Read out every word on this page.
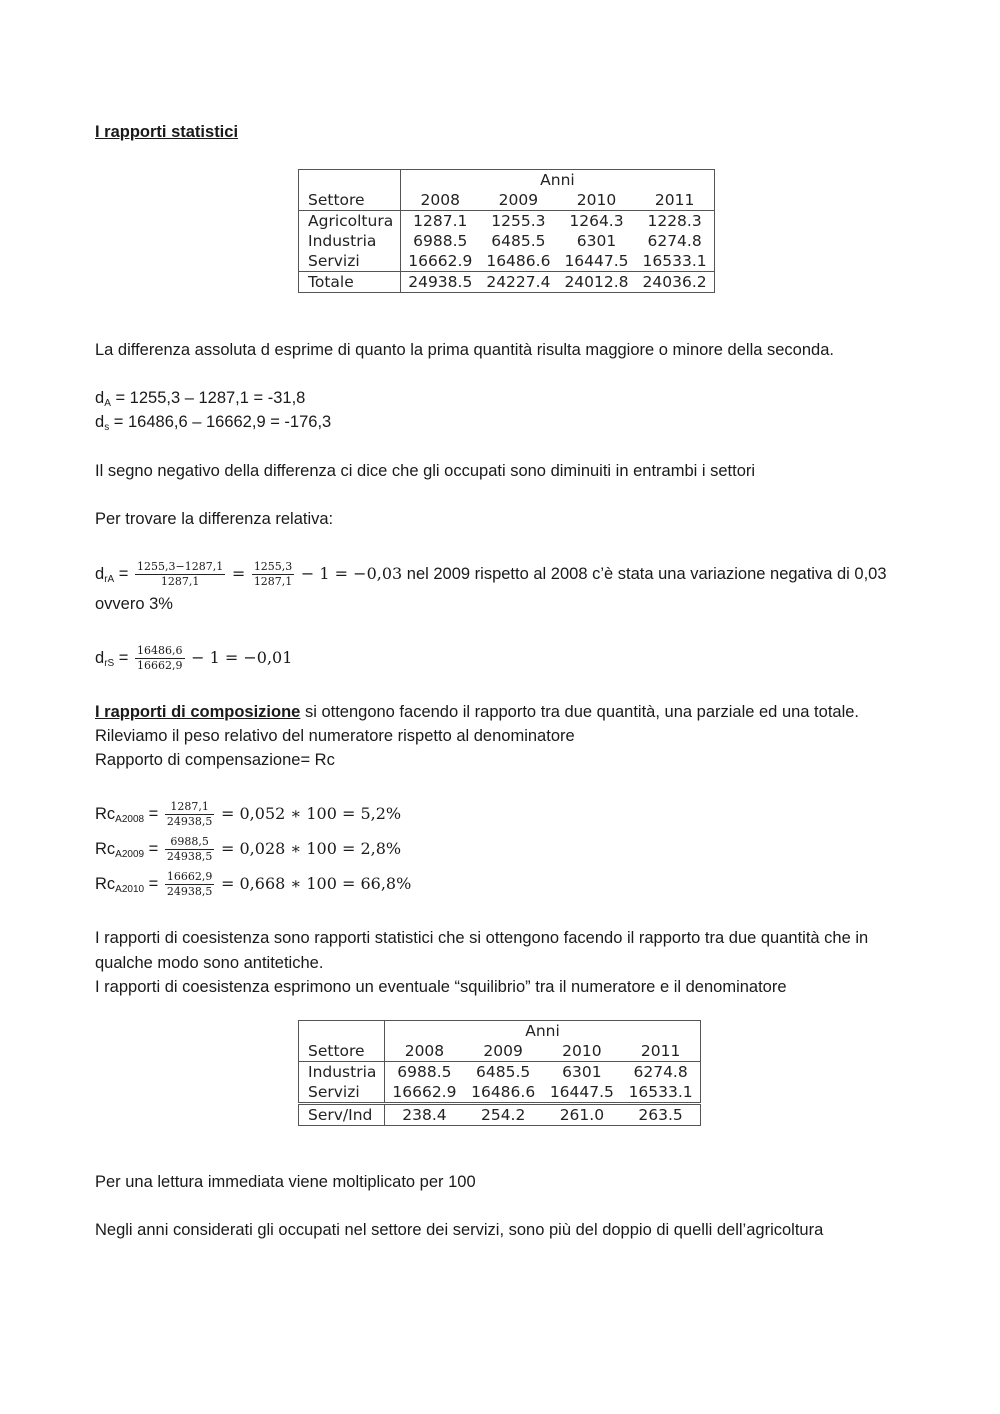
I rapporti statistici
	Anni			
Settore	2008	2009	2010	2011
Agricoltura	1287.1	1255.3	1264.3	1228.3
Industria	6988.5	6485.5	6301	6274.8
Servizi	16662.9	16486.6	16447.5	16533.1
Totale	24938.5	24227.4	24012.8	24036.2
La differenza assoluta d esprime di quanto la prima quantità risulta maggiore o minore della seconda.
$d_A = 1255,3 - 1287,1 = -31,8$
$d_s = 16486,6 - 16662,9 = -176,3$
Il segno negativo della differenza ci dice che gli occupati sono diminuiti in entrambi i settori
Per trovare la differenza relativa:
$d_{rA} = \frac{1255,3-1287,1}{1287,1} = \frac{1255,3}{1287,1} - 1 = -0,03$ nel 2009 rispetto al 2008 c’è stata una variazione negativa di 0,03
ovvero 3%
$d_{rS} = \frac{16486,6}{16662,9} - 1 = -0,01$
I rapporti di composizione si ottengono facendo il rapporto tra due quantità, una parziale ed una totale.
Rileviamo il peso relativo del numeratore rispetto al denominatore
Rapporto di compensazione= Rc
$Rc_{A2008} = \frac{1287,1}{24938,5} = 0,052$ ∗ 100 = 5,2%
$Rc_{A2009} = \frac{6988,5}{24938,5} = 0,028$ ∗ 100 = 2,8%
$Rc_{A2010} = \frac{16662,9}{24938,5} = 0,668$ ∗ 100 = 66,8%
I rapporti di coesistenza sono rapporti statistici che si ottengono facendo il rapporto tra due quantità che in
qualche modo sono antitetiche.
I rapporti di coesistenza esprimono un eventuale “squilibrio” tra il numeratore e il denominatore
	Anni			
Settore	2008	2009	2010	2011
Industria	6988.5	6485.5	6301	6274.8
Servizi	16662.9	16486.6	16447.5	16533.1
Serv/Ind	238.4	254.2	261.0	263.5
Per una lettura immediata viene moltiplicato per 100
Negli anni considerati gli occupati nel settore dei servizi, sono più del doppio di quelli dell’agricoltura
